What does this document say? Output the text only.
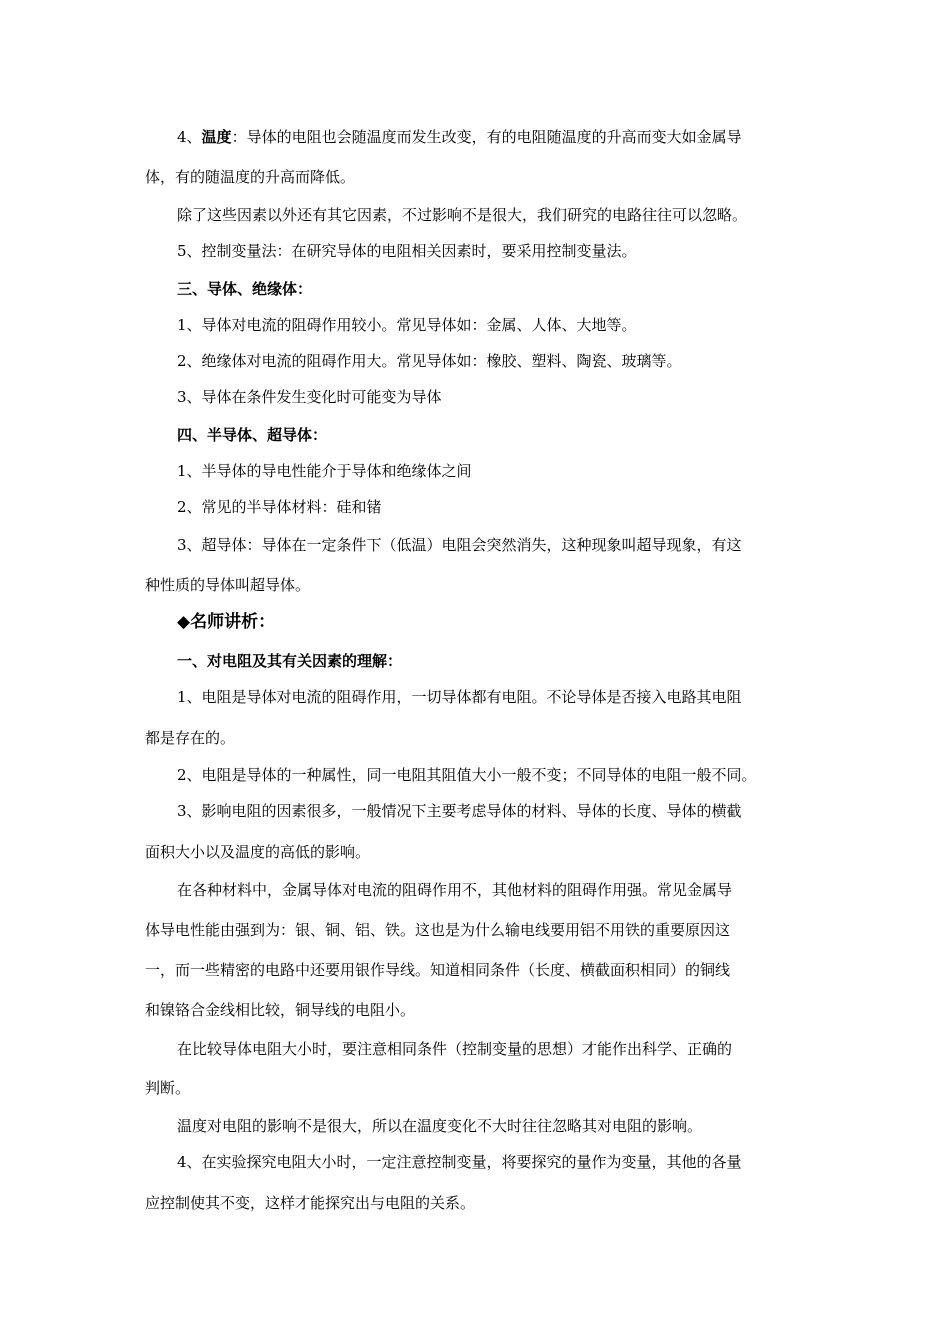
4、温度：导体的电阻也会随温度而发生改变，有的电阻随温度的升高而变大如金属导
体，有的随温度的升高而降低。
除了这些因素以外还有其它因素，不过影响不是很大，我们研究的电路往往可以忽略。
5、控制变量法：在研究导体的电阻相关因素时，要采用控制变量法。
三、导体、绝缘体：
1、导体对电流的阻碍作用较小。常见导体如：金属、人体、大地等。
2、绝缘体对电流的阻碍作用大。常见导体如：橡胶、塑料、陶瓷、玻璃等。
3、导体在条件发生变化时可能变为导体
四、半导体、超导体：
1、半导体的导电性能介于导体和绝缘体之间
2、常见的半导体材料：硅和锗
3、超导体：导体在一定条件下（低温）电阻会突然消失，这种现象叫超导现象，有这
种性质的导体叫超导体。
◆名师讲析：
一、对电阻及其有关因素的理解：
1、电阻是导体对电流的阻碍作用，一切导体都有电阻。不论导体是否接入电路其电阻
都是存在的。
2、电阻是导体的一种属性，同一电阻其阻值大小一般不变；不同导体的电阻一般不同。
3、影响电阻的因素很多，一般情况下主要考虑导体的材料、导体的长度、导体的横截
面积大小以及温度的高低的影响。
在各种材料中，金属导体对电流的阻碍作用不，其他材料的阻碍作用强。常见金属导
体导电性能由强到为：银、铜、铝、铁。这也是为什么输电线要用铝不用铁的重要原因这
一，而一些精密的电路中还要用银作导线。知道相同条件（长度、横截面积相同）的铜线
和镍铬合金线相比较，铜导线的电阻小。
在比较导体电阻大小时，要注意相同条件（控制变量的思想）才能作出科学、正确的
判断。
温度对电阻的影响不是很大，所以在温度变化不大时往往忽略其对电阻的影响。
4、在实验探究电阻大小时，一定注意控制变量，将要探究的量作为变量，其他的各量
应控制使其不变，这样才能探究出与电阻的关系。
